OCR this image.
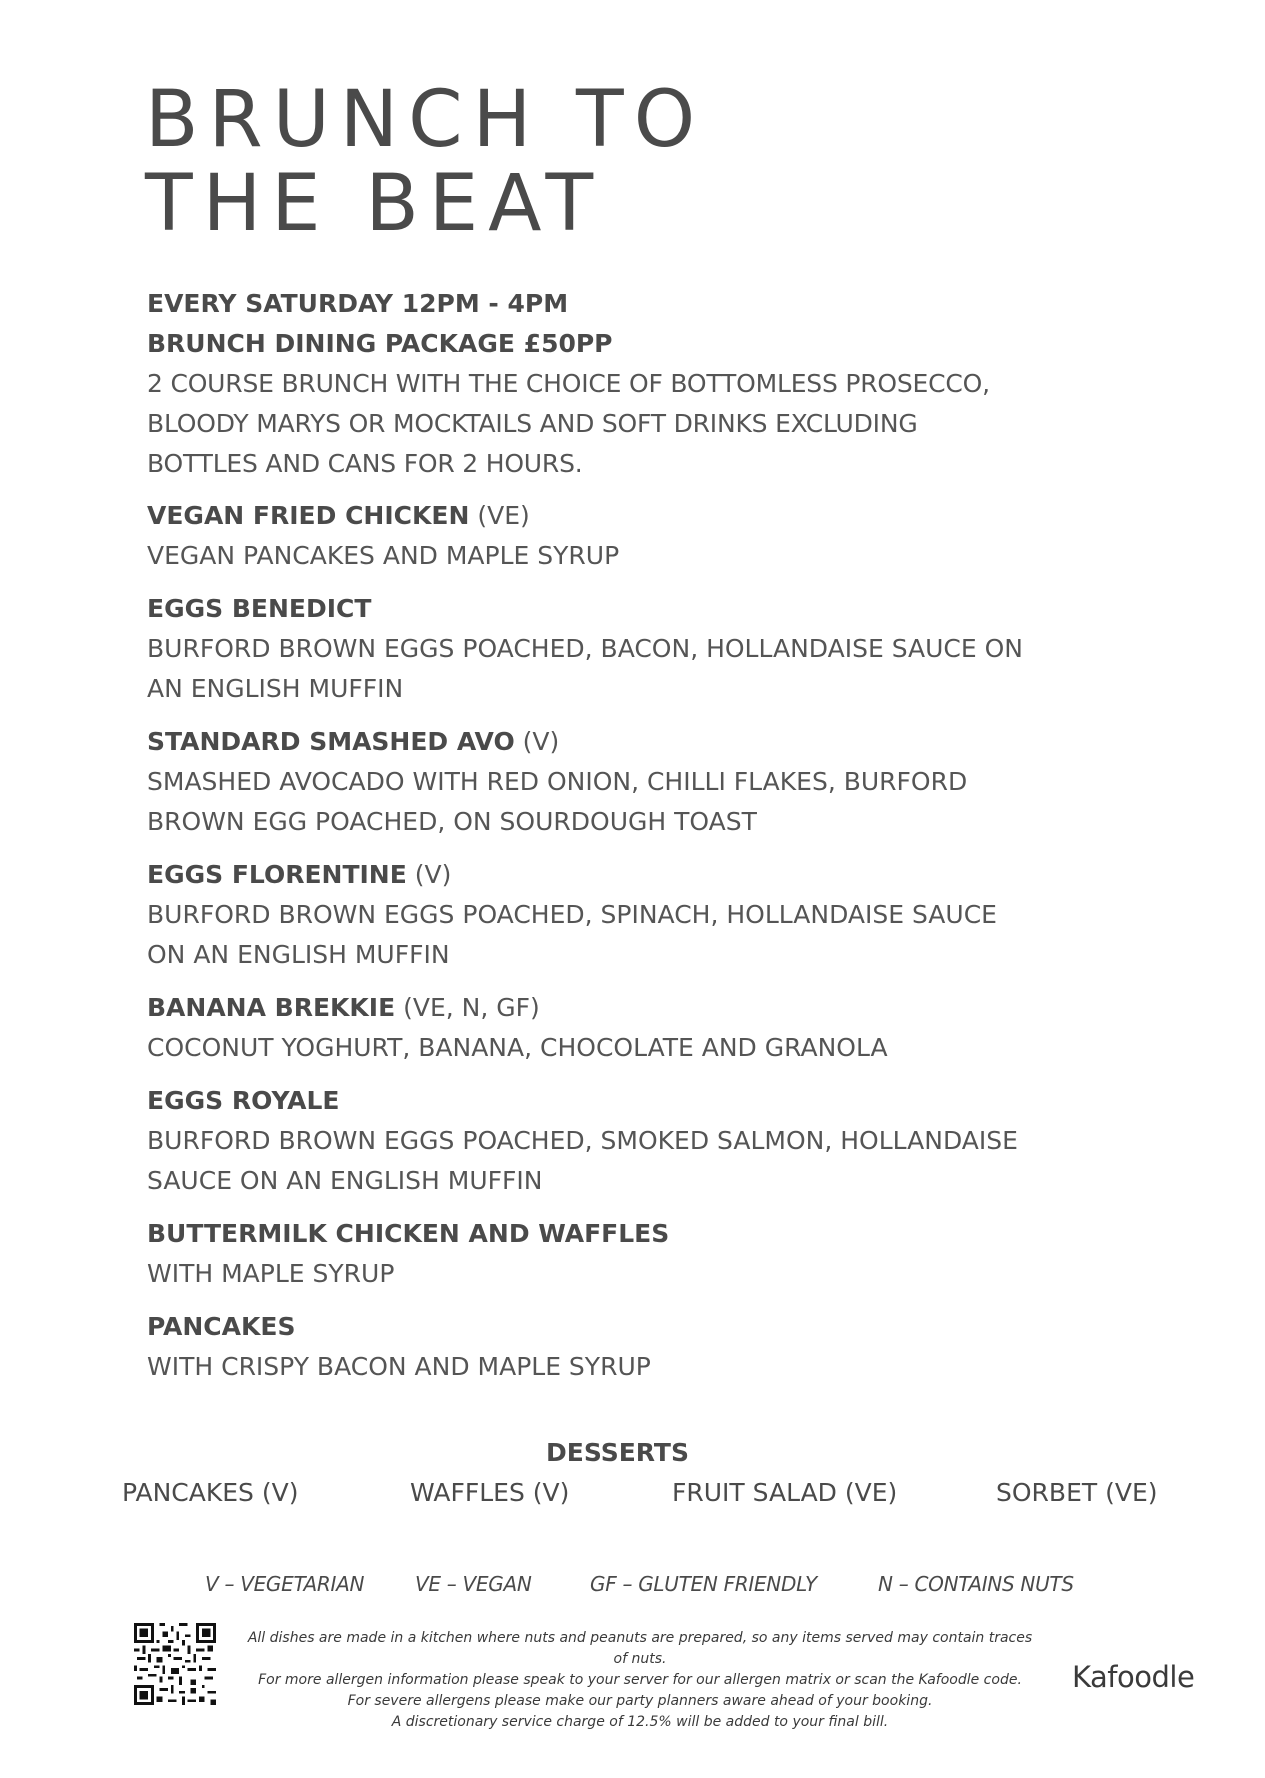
BRUNCH TO
THE BEAT
EVERY SATURDAY 12PM - 4PM
BRUNCH DINING PACKAGE £50PP
2 COURSE BRUNCH WITH THE CHOICE OF BOTTOMLESS PROSECCO,
BLOODY MARYS OR MOCKTAILS AND SOFT DRINKS EXCLUDING
BOTTLES AND CANS FOR 2 HOURS.
VEGAN FRIED CHICKEN (VE)
VEGAN PANCAKES AND MAPLE SYRUP
EGGS BENEDICT
BURFORD BROWN EGGS POACHED, BACON, HOLLANDAISE SAUCE ON
AN ENGLISH MUFFIN
STANDARD SMASHED AVO (V)
SMASHED AVOCADO WITH RED ONION, CHILLI FLAKES, BURFORD
BROWN EGG POACHED, ON SOURDOUGH TOAST
EGGS FLORENTINE (V)
BURFORD BROWN EGGS POACHED, SPINACH, HOLLANDAISE SAUCE
ON AN ENGLISH MUFFIN
BANANA BREKKIE (VE, N, GF)
COCONUT YOGHURT, BANANA, CHOCOLATE AND GRANOLA
EGGS ROYALE
BURFORD BROWN EGGS POACHED, SMOKED SALMON, HOLLANDAISE
SAUCE ON AN ENGLISH MUFFIN
BUTTERMILK CHICKEN AND WAFFLES
WITH MAPLE SYRUP
PANCAKES
WITH CRISPY BACON AND MAPLE SYRUP
DESSERTS
PANCAKES (V)	WAFFLES (V)	FRUIT SALAD (VE)	SORBET (VE)
V – VEGETARIAN	VE – VEGAN	GF – GLUTEN FRIENDLY	N – CONTAINS NUTS

All dishes are made in a kitchen where nuts and peanuts are prepared, so any items served may contain traces of nuts.

For more allergen information please speak to your server for our allergen matrix or scan the Kafoodle code.

For severe allergens please make our party planners aware ahead of your booking.

A discretionary service charge of 12.5% will be added to your final bill.

Kafoodle
